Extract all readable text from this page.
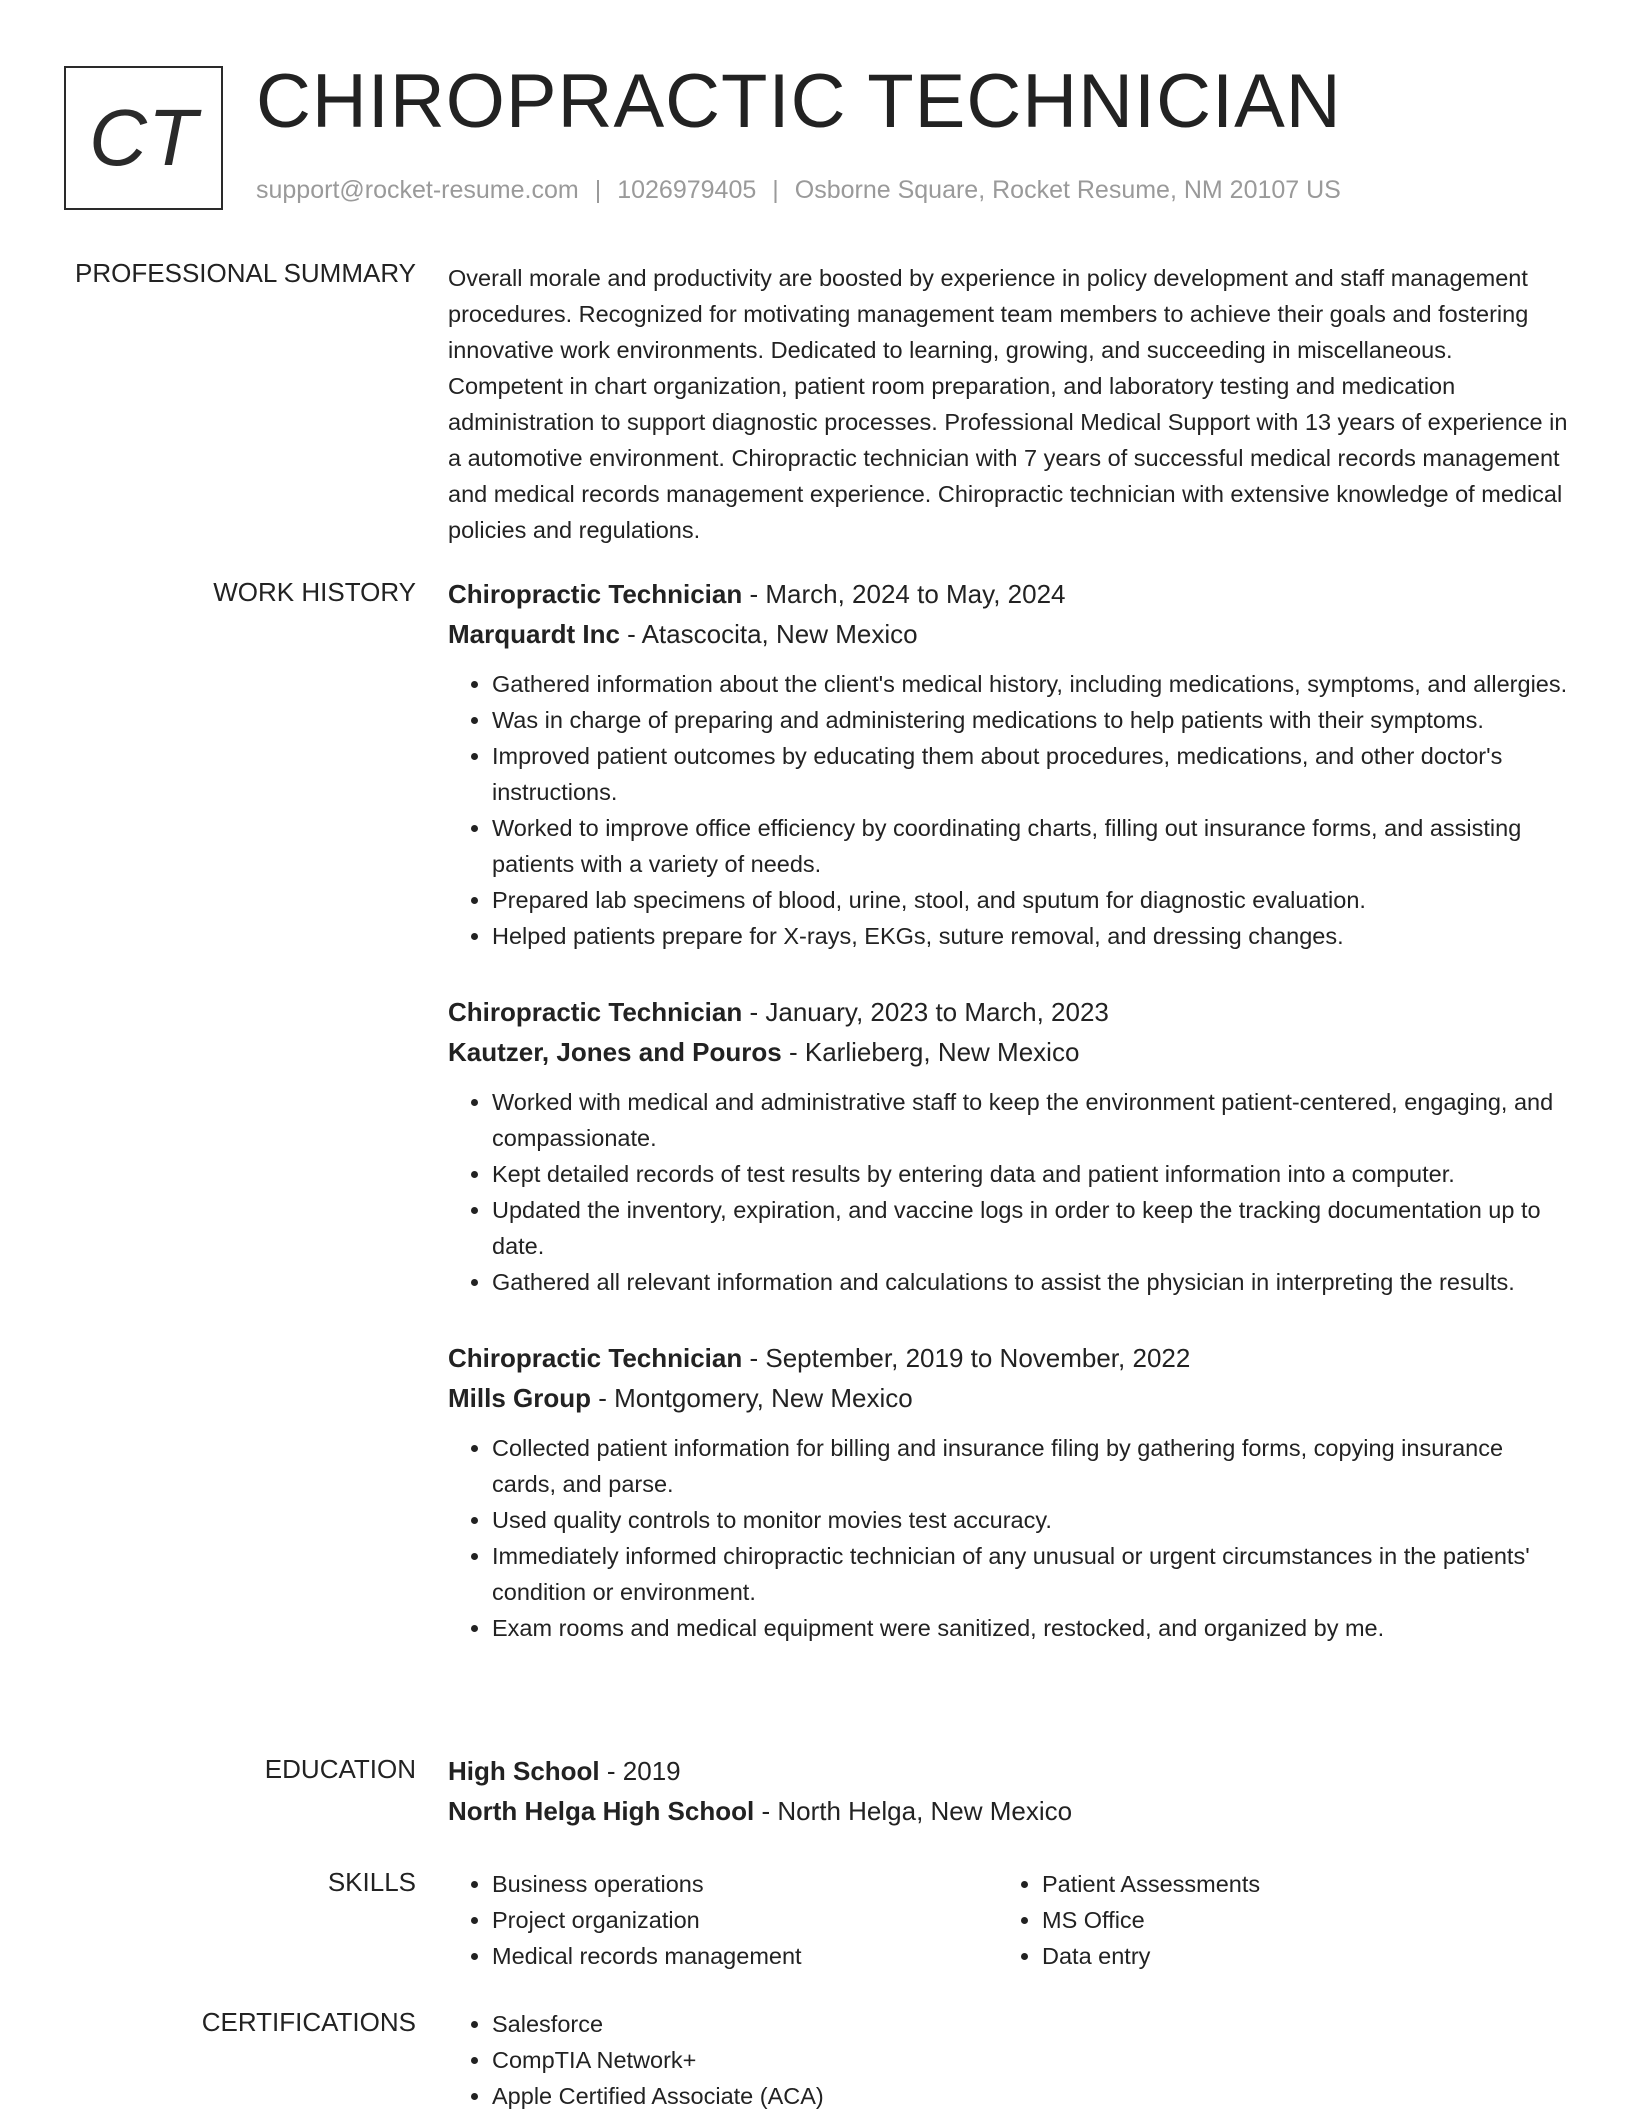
CT CHIROPRACTIC TECHNICIAN
support@rocket-resume.com | 1026979405 | Osborne Square, Rocket Resume, NM 20107 US
PROFESSIONAL SUMMARY Overall morale and productivity are boosted by experience in policy development and staff management procedures. Recognized for motivating management team members to achieve their goals and fostering innovative work environments. Dedicated to learning, growing, and succeeding in miscellaneous. Competent in chart organization, patient room preparation, and laboratory testing and medication administration to support diagnostic processes. Professional Medical Support with 13 years of experience in a automotive environment. Chiropractic technician with 7 years of successful medical records management and medical records management experience. Chiropractic technician with extensive knowledge of medical policies and regulations.

WORK HISTORY Chiropractic Technician - March, 2024 to May, 2024
Marquardt Inc - Atascocita, New Mexico
• Gathered information about the client's medical history, including medications, symptoms, and allergies.
• Was in charge of preparing and administering medications to help patients with their symptoms.
• Improved patient outcomes by educating them about procedures, medications, and other doctor's instructions.
• Worked to improve office efficiency by coordinating charts, filling out insurance forms, and assisting patients with a variety of needs.
• Prepared lab specimens of blood, urine, stool, and sputum for diagnostic evaluation.
• Helped patients prepare for X-rays, EKGs, suture removal, and dressing changes.
Chiropractic Technician - January, 2023 to March, 2023
Kautzer, Jones and Pouros - Karlieberg, New Mexico
• Worked with medical and administrative staff to keep the environment patient-centered, engaging, and compassionate.
• Kept detailed records of test results by entering data and patient information into a computer.
• Updated the inventory, expiration, and vaccine logs in order to keep the tracking documentation up to date.
• Gathered all relevant information and calculations to assist the physician in interpreting the results.
Chiropractic Technician - September, 2019 to November, 2022
Mills Group - Montgomery, New Mexico
• Collected patient information for billing and insurance filing by gathering forms, copying insurance cards, and parse.
• Used quality controls to monitor movies test accuracy.
• Immediately informed chiropractic technician of any unusual or urgent circumstances in the patients' condition or environment.
• Exam rooms and medical equipment were sanitized, restocked, and organized by me.
EDUCATION High School - 2019
North Helga High School - North Helga, New Mexico
SKILLS	• Business operations
• Project organization
• Medical records management
• Patient Assessments
• MS Office
• Data entry
CERTIFICATIONS	• Salesforce
• CompTIA Network+
• Apple Certified Associate (ACA)
